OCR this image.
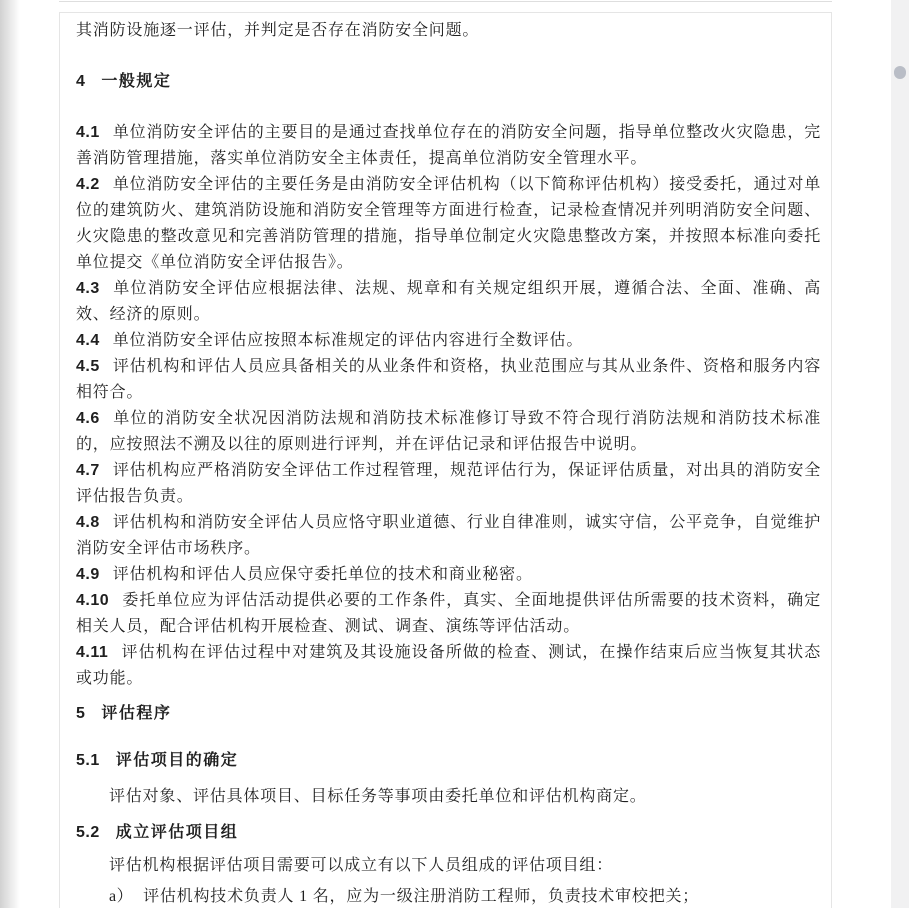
其消防设施逐一评估，并判定是否存在消防安全问题。

4 一般规定

4.1 单位消防安全评估的主要目的是通过查找单位存在的消防安全问题，指导单位整改火灾隐患，完善消防管理措施，落实单位消防安全主体责任，提高单位消防安全管理水平。

4.2 单位消防安全评估的主要任务是由消防安全评估机构（以下简称评估机构）接受委托，通过对单位的建筑防火、建筑消防设施和消防安全管理等方面进行检查，记录检查情况并列明消防安全问题、火灾隐患的整改意见和完善消防管理的措施，指导单位制定火灾隐患整改方案，并按照本标准向委托单位提交《单位消防安全评估报告》。

4.3 单位消防安全评估应根据法律、法规、规章和有关规定组织开展，遵循合法、全面、准确、高效、经济的原则。

4.4 单位消防安全评估应按照本标准规定的评估内容进行全数评估。

4.5 评估机构和评估人员应具备相关的从业条件和资格，执业范围应与其从业条件、资格和服务内容相符合。

4.6 单位的消防安全状况因消防法规和消防技术标准修订导致不符合现行消防法规和消防技术标准的，应按照法不溯及以往的原则进行评判，并在评估记录和评估报告中说明。

4.7 评估机构应严格消防安全评估工作过程管理，规范评估行为，保证评估质量，对出具的消防安全评估报告负责。

4.8 评估机构和消防安全评估人员应恪守职业道德、行业自律准则，诚实守信，公平竞争，自觉维护消防安全评估市场秩序。

4.9 评估机构和评估人员应保守委托单位的技术和商业秘密。

4.10 委托单位应为评估活动提供必要的工作条件，真实、全面地提供评估所需要的技术资料，确定相关人员，配合评估机构开展检查、测试、调查、演练等评估活动。

4.11 评估机构在评估过程中对建筑及其设施设备所做的检查、测试，在操作结束后应当恢复其状态或功能。

5 评估程序

5.1 评估项目的确定

评估对象、评估具体项目、目标任务等事项由委托单位和评估机构商定。

5.2 成立评估项目组

评估机构根据评估项目需要可以成立有以下人员组成的评估项目组：

a） 评估机构技术负责人 1 名，应为一级注册消防工程师，负责技术审校把关；
